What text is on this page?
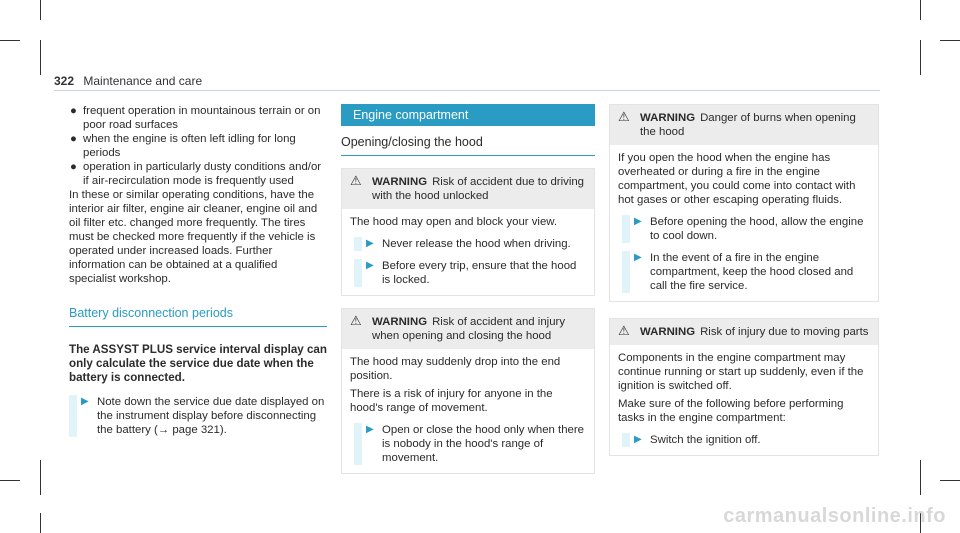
322 Maintenance and care
● frequent operation in mountainous terrain or on poor road surfaces
● when the engine is often left idling for long periods
● operation in particularly dusty conditions and/or if air-recirculation mode is frequently used

In these or similar operating conditions, have the interior air filter, engine air cleaner, engine oil and oil filter etc. changed more frequently. The tires must be checked more frequently if the vehicle is operated under increased loads. Further information can be obtained at a qualified specialist workshop.

Battery disconnection periods
The ASSYST PLUS service interval display can only calculate the service due date when the battery is connected.
▶ Note down the service due date displayed on the instrument display before disconnecting the battery (→ page 321).
Engine compartment
Opening/closing the hood
⚠ WARNING Risk of accident due to driving with the hood unlocked

The hood may open and block your view.

▶ Never release the hood when driving.
▶ Before every trip, ensure that the hood is locked.
⚠ WARNING Risk of accident and injury when opening and closing the hood

The hood may suddenly drop into the end position.

There is a risk of injury for anyone in the hood's range of movement.

▶ Open or close the hood only when there is nobody in the hood's range of movement.
⚠ WARNING Danger of burns when opening the hood

If you open the hood when the engine has overheated or during a fire in the engine compartment, you could come into contact with hot gases or other escaping operating fluids.

▶ Before opening the hood, allow the engine to cool down.
▶ In the event of a fire in the engine compartment, keep the hood closed and call the fire service.
⚠ WARNING Risk of injury due to moving parts

Components in the engine compartment may continue running or start up suddenly, even if the ignition is switched off.

Make sure of the following before performing tasks in the engine compartment:

▶ Switch the ignition off.
carmanualsonline.info
